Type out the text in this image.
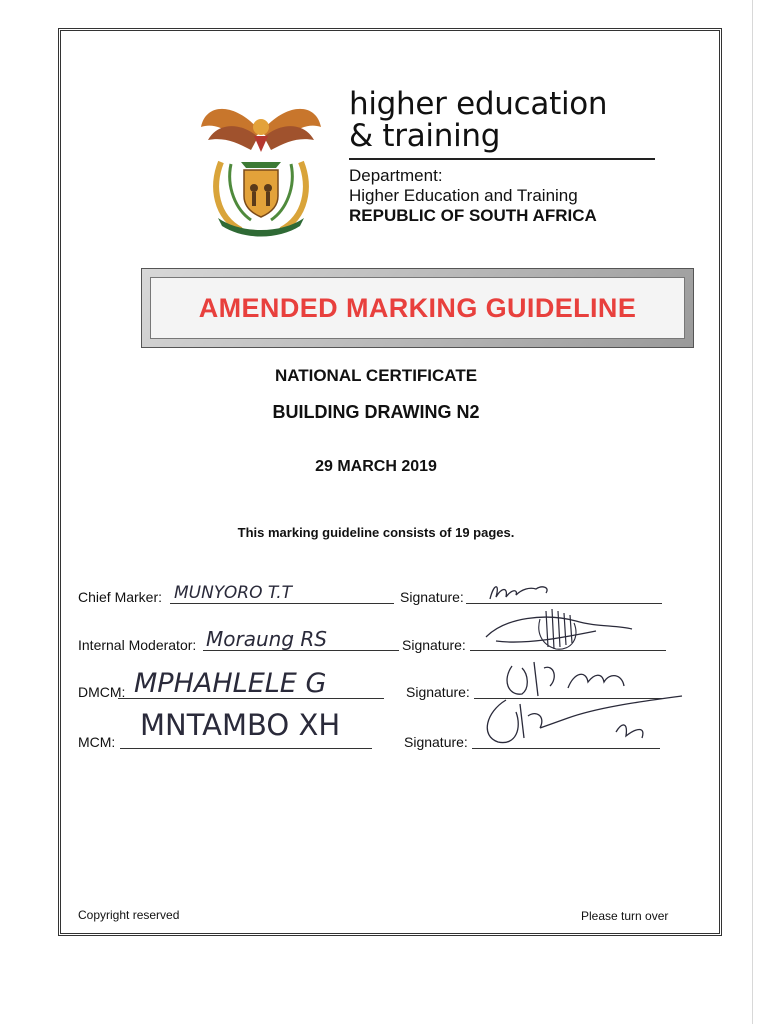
higher education
& training
Department:
Higher Education and Training
REPUBLIC OF SOUTH AFRICA
AMENDED MARKING GUIDELINE
NATIONAL CERTIFICATE
BUILDING DRAWING N2
29 MARCH 2019
This marking guideline consists of 19 pages.
Chief Marker: MUNYORO T.T	Signature:
Internal Moderator: Moraung RS	Signature:
DMCM: MPHAHLELE G	Signature:
MCM: MNTAMBO XH	Signature:
Copyright reserved	Please turn over
